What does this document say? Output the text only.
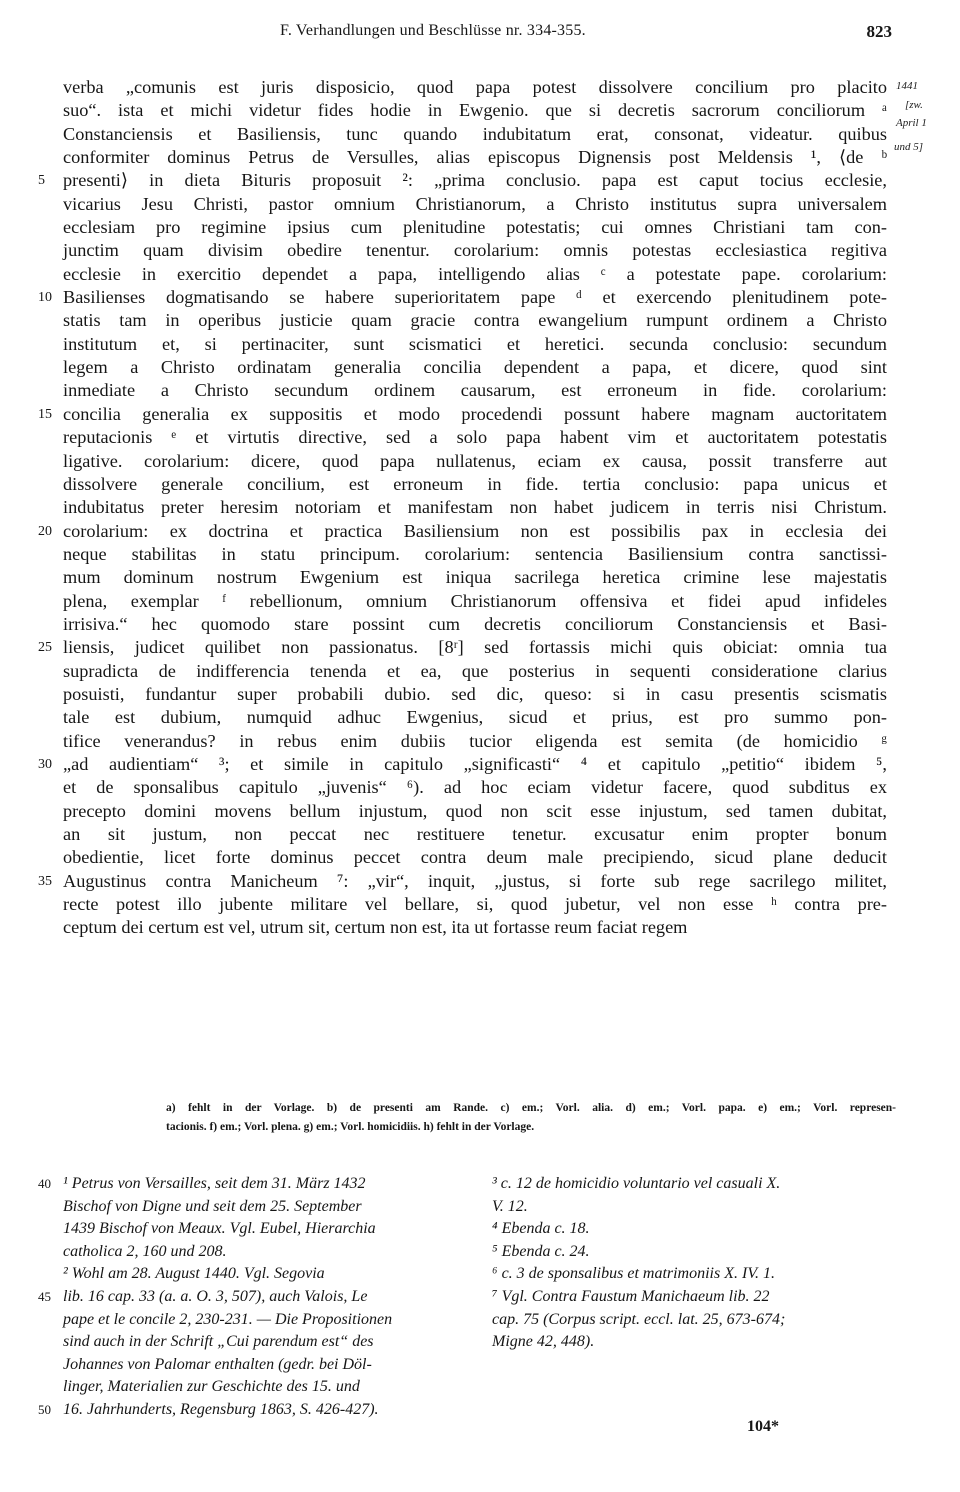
F. Verhandlungen und Beschlüsse nr. 334-355.	823
1441
[zw.
April 1
und 5]
verba „comunis est juris disposicio, quod papa potest dissolvere concilium pro placito
suo“. ista et michi videtur fides hodie in Ewgenio. que si decretis sacrorum conciliorum ᵃ
Constanciensis et Basiliensis, tunc quando indubitatum erat, consonat, videatur. quibus
conformiter dominus Petrus de Versulles, alias episcopus Dignensis post Meldensis ¹, ⟨de ᵇ
5 presenti⟩ in dieta Bituris proposuit ²: „prima conclusio. papa est caput tocius ecclesie,
vicarius Jesu Christi, pastor omnium Christianorum, a Christo institutus supra universalem
ecclesiam pro regimine ipsius cum plenitudine potestatis; cui omnes Christiani tam con-
junctim quam divisim obedire tenentur. corolarium: omnis potestas ecclesiastica regitiva
ecclesie in exercitio dependet a papa, intelligendo alias ᶜ a potestate pape. corolarium:
10 Basilienses dogmatisando se habere superioritatem pape ᵈ et exercendo plenitudinem pote-
statis tam in operibus justicie quam gracie contra ewangelium rumpunt ordinem a Christo
institutum et, si pertinaciter, sunt scismatici et heretici. secunda conclusio: secundum
legem a Christo ordinatam generalia concilia dependent a papa, et dicere, quod sint
inmediate a Christo secundum ordinem causarum, est erroneum in fide. corolarium:
15 concilia generalia ex suppositis et modo procedendi possunt habere magnam auctoritatem
reputacionis ᵉ et virtutis directive, sed a solo papa habent vim et auctoritatem potestatis
ligative. corolarium: dicere, quod papa nullatenus, eciam ex causa, possit transferre aut
dissolvere generale concilium, est erroneum in fide. tertia conclusio: papa unicus et
indubitatus preter heresim notoriam et manifestam non habet judicem in terris nisi Christum.
20 corolarium: ex doctrina et practica Basiliensium non est possibilis pax in ecclesia dei
neque stabilitas in statu principum. corolarium: sentencia Basiliensium contra sanctissi-
mum dominum nostrum Ewgenium est iniqua sacrilega heretica crimine lese majestatis
plena, exemplar ᶠ rebellionum, omnium Christianorum offensiva et fidei apud infideles
irrisiva.“ hec quomodo stare possint cum decretis conciliorum Constanciensis et Basi-
25 liensis, judicet quilibet non passionatus. [8ʳ] sed fortassis michi quis obiciat: omnia tua
supradicta de indifferencia tenenda et ea, que posterius in sequenti consideratione clarius
posuisti, fundantur super probabili dubio. sed dic, queso: si in casu presentis scismatis
tale est dubium, numquid adhuc Ewgenius, sicud et prius, est pro summo pon-
tifice venerandus? in rebus enim dubiis tucior eligenda est semita (de homicidio ᵍ
30 „ad audientiam“ ³; et simile in capitulo „significasti“ ⁴ et capitulo „petitio“ ibidem ⁵,
et de sponsalibus capitulo „juvenis“ ⁶). ad hoc eciam videtur facere, quod subditus ex
precepto domini movens bellum injustum, quod non scit esse injustum, sed tamen dubitat,
an sit justum, non peccat nec restituere tenetur. excusatur enim propter bonum
obedientie, licet forte dominus peccet contra deum male precipiendo, sicud plane deducit
35 Augustinus contra Manicheum ⁷: „vir“, inquit, „justus, si forte sub rege sacrilego militet,
recte potest illo jubente militare vel bellare, si, quod jubetur, vel non esse ʰ contra pre-
ceptum dei certum est vel, utrum sit, certum non est, ita ut fortasse reum faciat regem
a) fehlt in der Vorlage. b) de presenti am Rande. c) em.; Vorl. alia. d) em.; Vorl. papa. e) em.; Vorl. represen-
tacionis. f) em.; Vorl. plena. g) em.; Vorl. homicidiis. h) fehlt in der Vorlage.
40 ¹ Petrus von Versailles, seit dem 31. März 1432
Bischof von Digne und seit dem 25. September
1439 Bischof von Meaux. Vgl. Eubel, Hierarchia
catholica 2, 160 und 208.
² Wohl am 28. August 1440. Vgl. Segovia
45 lib. 16 cap. 33 (a. a. O. 3, 507), auch Valois, Le
pape et le concile 2, 230-231. — Die Propositionen
sind auch in der Schrift „Cui parendum est“ des
Johannes von Palomar enthalten (gedr. bei Döl-
linger, Materialien zur Geschichte des 15. und
50 16. Jahrhunderts, Regensburg 1863, S. 426-427).
³ c. 12 de homicidio voluntario vel casuali X.
V. 12.
⁴ Ebenda c. 18.
⁵ Ebenda c. 24.
⁶ c. 3 de sponsalibus et matrimoniis X. IV. 1.
⁷ Vgl. Contra Faustum Manichaeum lib. 22
cap. 75 (Corpus script. eccl. lat. 25, 673-674;
Migne 42, 448).
104*
